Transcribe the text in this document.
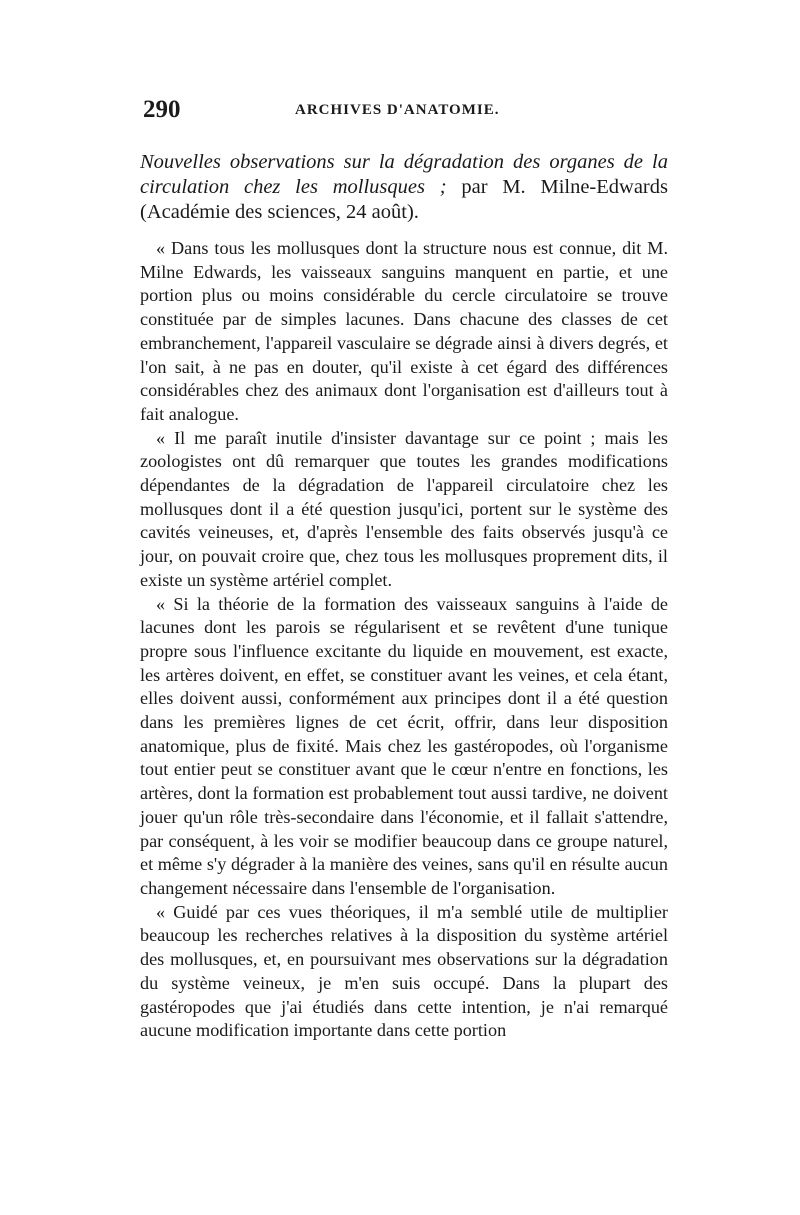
290	ARCHIVES D'ANATOMIE.

Nouvelles observations sur la dégradation des organes de la circulation chez les mollusques ; par M. Milne-Edwards (Académie des sciences, 24 août).

« Dans tous les mollusques dont la structure nous est connue, dit M. Milne Edwards, les vaisseaux sanguins manquent en partie, et une portion plus ou moins considérable du cercle circulatoire se trouve constituée par de simples lacunes. Dans chacune des classes de cet embranchement, l'appareil vasculaire se dégrade ainsi à divers degrés, et l'on sait, à ne pas en douter, qu'il existe à cet égard des différences considérables chez des animaux dont l'organisation est d'ailleurs tout à fait analogue.

« Il me paraît inutile d'insister davantage sur ce point ; mais les zoologistes ont dû remarquer que toutes les grandes modifications dépendantes de la dégradation de l'appareil circulatoire chez les mollusques dont il a été question jusqu'ici, portent sur le système des cavités veineuses, et, d'après l'ensemble des faits observés jusqu'à ce jour, on pouvait croire que, chez tous les mollusques proprement dits, il existe un système artériel complet.

« Si la théorie de la formation des vaisseaux sanguins à l'aide de lacunes dont les parois se régularisent et se revêtent d'une tunique propre sous l'influence excitante du liquide en mouvement, est exacte, les artères doivent, en effet, se constituer avant les veines, et cela étant, elles doivent aussi, conformément aux principes dont il a été question dans les premières lignes de cet écrit, offrir, dans leur disposition anatomique, plus de fixité. Mais chez les gastéropodes, où l'organisme tout entier peut se constituer avant que le cœur n'entre en fonctions, les artères, dont la formation est probablement tout aussi tardive, ne doivent jouer qu'un rôle très-secondaire dans l'économie, et il fallait s'attendre, par conséquent, à les voir se modifier beaucoup dans ce groupe naturel, et même s'y dégrader à la manière des veines, sans qu'il en résulte aucun changement nécessaire dans l'ensemble de l'organisation.

« Guidé par ces vues théoriques, il m'a semblé utile de multiplier beaucoup les recherches relatives à la disposition du système artériel des mollusques, et, en poursuivant mes observations sur la dégradation du système veineux, je m'en suis occupé. Dans la plupart des gastéropodes que j'ai étudiés dans cette intention, je n'ai remarqué aucune modification importante dans cette portion
